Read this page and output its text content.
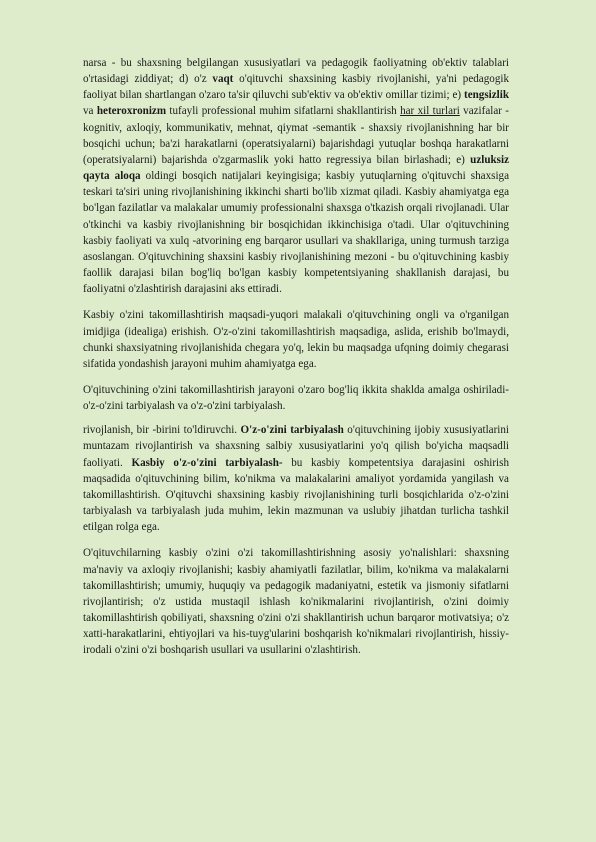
narsa - bu shaxsning belgilangan xususiyatlari va pedagogik faoliyatning ob'ektiv talablari o'rtasidagi ziddiyat; d) o'z vaqt o'qituvchi shaxsining kasbiy rivojlanishi, ya'ni pedagogik faoliyat bilan shartlangan o'zaro ta'sir qiluvchi sub'ektiv va ob'ektiv omillar tizimi; e) tengsizlik va heteroxronizm tufayli professional muhim sifatlarni shakllantirish har xil turlari vazifalar - kognitiv, axloqiy, kommunikativ, mehnat, qiymat -semantik - shaxsiy rivojlanishning har bir bosqichi uchun; ba'zi harakatlarni (operatsiyalarni) bajarishdagi yutuqlar boshqa harakatlarni (operatsiyalarni) bajarishda o'zgarmaslik yoki hatto regressiya bilan birlashadi; e) uzluksiz qayta aloqa oldingi bosqich natijalari keyingisiga; kasbiy yutuqlarning o'qituvchi shaxsiga teskari ta'siri uning rivojlanishining ikkinchi sharti bo'lib xizmat qiladi. Kasbiy ahamiyatga ega bo'lgan fazilatlar va malakalar umumiy professionalni shaxsga o'tkazish orqali rivojlanadi. Ular o'tkinchi va kasbiy rivojlanishning bir bosqichidan ikkinchisiga o'tadi. Ular o'qituvchining kasbiy faoliyati va xulq -atvorining eng barqaror usullari va shakllariga, uning turmush tarziga asoslangan. O'qituvchining shaxsini kasbiy rivojlanishining mezoni - bu o'qituvchining kasbiy faollik darajasi bilan bog'liq bo'lgan kasbiy kompetentsiyaning shakllanish darajasi, bu faoliyatni o'zlashtirish darajasini aks ettiradi.

Kasbiy o'zini takomillashtirish maqsadi-yuqori malakali o'qituvchining ongli va o'rganilgan imidjiga (idealiga) erishish. O'z-o'zini takomillashtirish maqsadiga, aslida, erishib bo'lmaydi, chunki shaxsiyatning rivojlanishida chegara yo'q, lekin bu maqsadga ufqning doimiy chegarasi sifatida yondashish jarayoni muhim ahamiyatga ega.

O'qituvchining o'zini takomillashtirish jarayoni o'zaro bog'liq ikkita shaklda amalga oshiriladi-o'z-o'zini tarbiyalash va o'z-o'zini tarbiyalash.

rivojlanish, bir -birini to'ldiruvchi. O'z-o'zini tarbiyalash o'qituvchining ijobiy xususiyatlarini muntazam rivojlantirish va shaxsning salbiy xususiyatlarini yo'q qilish bo'yicha maqsadli faoliyati. Kasbiy o'z-o'zini tarbiyalash- bu kasbiy kompetentsiya darajasini oshirish maqsadida o'qituvchining bilim, ko'nikma va malakalarini amaliyot yordamida yangilash va takomillashtirish. O'qituvchi shaxsining kasbiy rivojlanishining turli bosqichlarida o'z-o'zini tarbiyalash va tarbiyalash juda muhim, lekin mazmunan va uslubiy jihatdan turlicha tashkil etilgan rolga ega.

O'qituvchilarning kasbiy o'zini o'zi takomillashtirishning asosiy yo'nalishlari: shaxsning ma'naviy va axloqiy rivojlanishi; kasbiy ahamiyatli fazilatlar, bilim, ko'nikma va malakalarni takomillashtirish; umumiy, huquqiy va pedagogik madaniyatni, estetik va jismoniy sifatlarni rivojlantirish; o'z ustida mustaqil ishlash ko'nikmalarini rivojlantirish, o'zini doimiy takomillashtirish qobiliyati, shaxsning o'zini o'zi shakllantirish uchun barqaror motivatsiya; o'z xatti-harakatlarini, ehtiyojlari va his-tuyg'ularini boshqarish ko'nikmalari rivojlantirish, hissiy-irodali o'zini o'zi boshqarish usullari va usullarini o'zlashtirish.
